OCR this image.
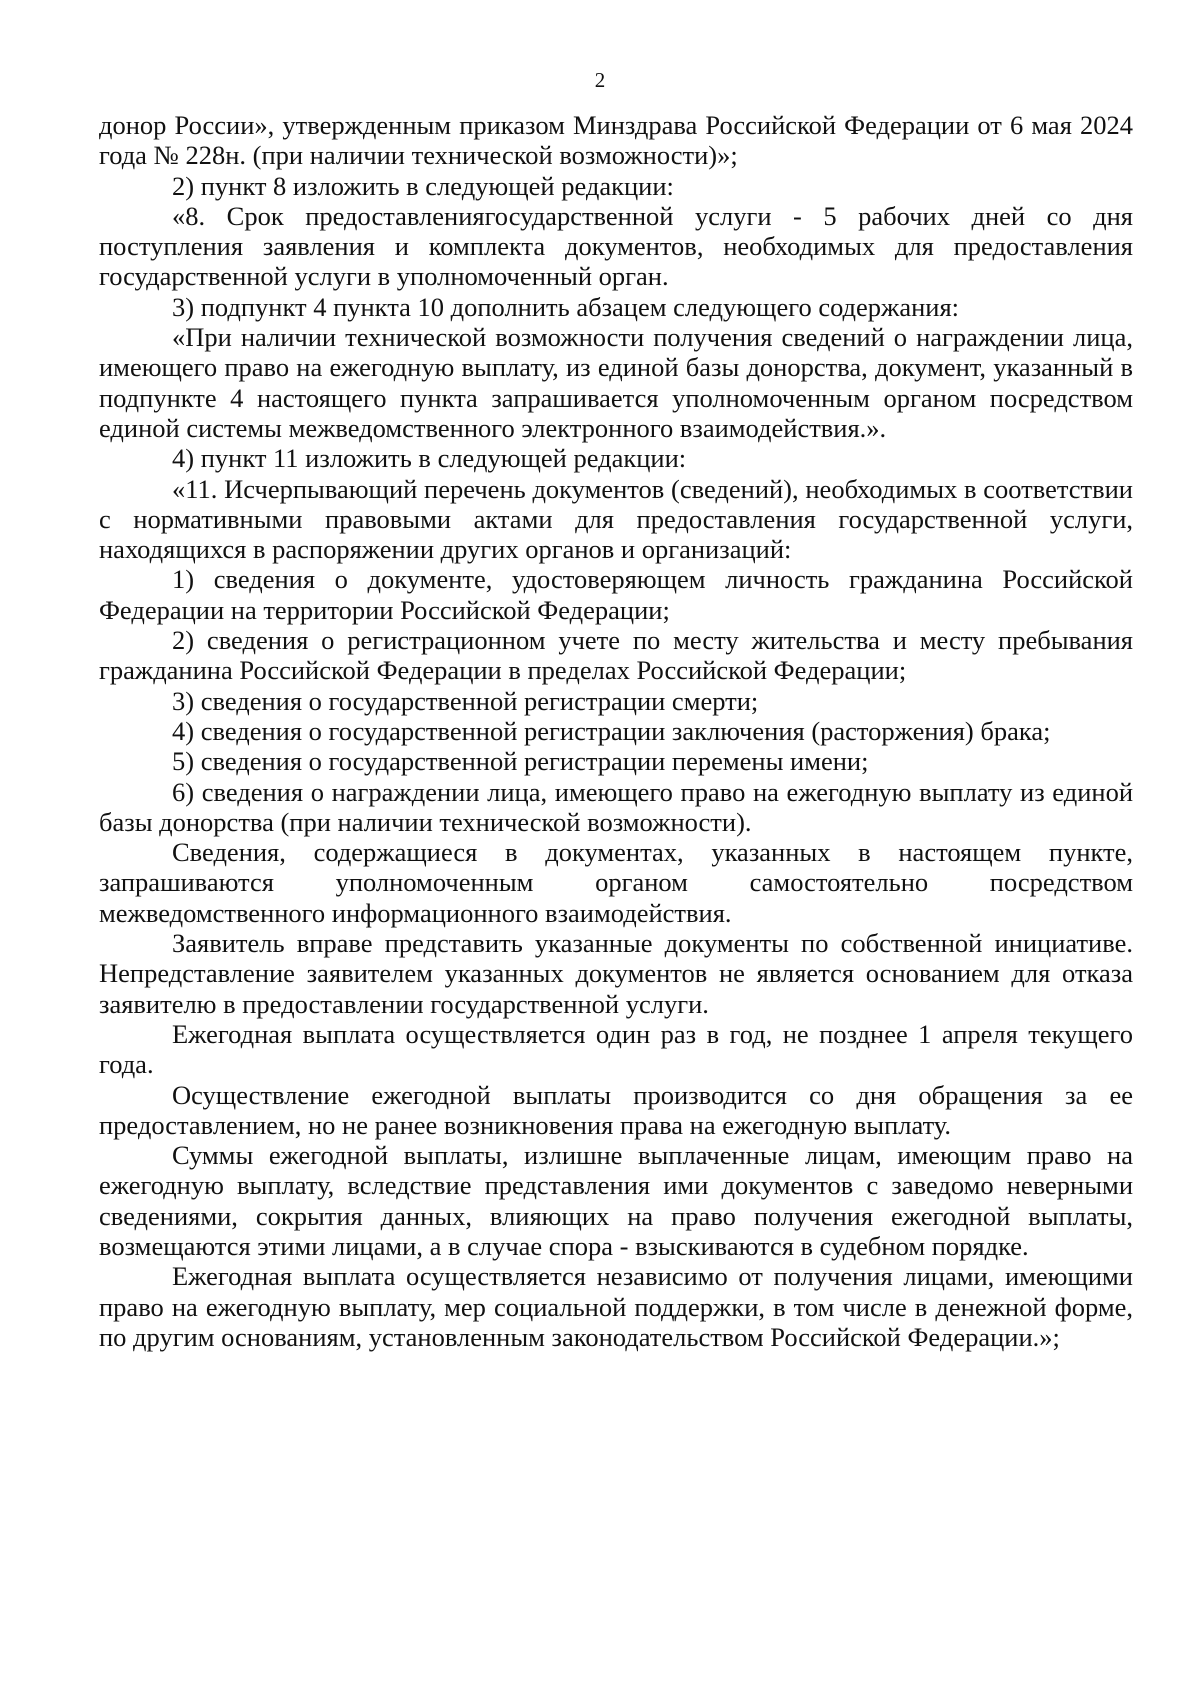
2

донор России», утвержденным приказом Минздрава Российской Федерации от 6 мая 2024 года № 228н. (при наличии технической возможности)»;

2) пункт 8 изложить в следующей редакции:

«8. Срок предоставлениягосударственной услуги - 5 рабочих дней со дня поступления заявления и комплекта документов, необходимых для предоставления государственной услуги в уполномоченный орган.

3) подпункт 4 пункта 10 дополнить абзацем следующего содержания:

«При наличии технической возможности получения сведений о награждении лица, имеющего право на ежегодную выплату, из единой базы донорства, документ, указанный в подпункте 4 настоящего пункта запрашивается уполномоченным органом посредством единой системы межведомственного электронного взаимодействия.».

4) пункт 11 изложить в следующей редакции:

«11. Исчерпывающий перечень документов (сведений), необходимых в соответствии с нормативными правовыми актами для предоставления государственной услуги, находящихся в распоряжении других органов и организаций:

1) сведения о документе, удостоверяющем личность гражданина Российской Федерации на территории Российской Федерации;

2) сведения о регистрационном учете по месту жительства и месту пребывания гражданина Российской Федерации в пределах Российской Федерации;

3) сведения о государственной регистрации смерти;

4) сведения о государственной регистрации заключения (расторжения) брака;

5) сведения о государственной регистрации перемены имени;

6) сведения о награждении лица, имеющего право на ежегодную выплату из единой базы донорства (при наличии технической возможности).

Сведения, содержащиеся в документах, указанных в настоящем пункте, запрашиваются уполномоченным органом самостоятельно посредством межведомственного информационного взаимодействия.

Заявитель вправе представить указанные документы по собственной инициативе. Непредставление заявителем указанных документов не является основанием для отказа заявителю в предоставлении государственной услуги.

Ежегодная выплата осуществляется один раз в год, не позднее 1 апреля текущего года.

Осуществление ежегодной выплаты производится со дня обращения за ее предоставлением, но не ранее возникновения права на ежегодную выплату.

Суммы ежегодной выплаты, излишне выплаченные лицам, имеющим право на ежегодную выплату, вследствие представления ими документов с заведомо неверными сведениями, сокрытия данных, влияющих на право получения ежегодной выплаты, возмещаются этими лицами, а в случае спора - взыскиваются в судебном порядке.

Ежегодная выплата осуществляется независимо от получения лицами, имеющими право на ежегодную выплату, мер социальной поддержки, в том числе в денежной форме, по другим основаниям, установленным законодательством Российской Федерации.»;
